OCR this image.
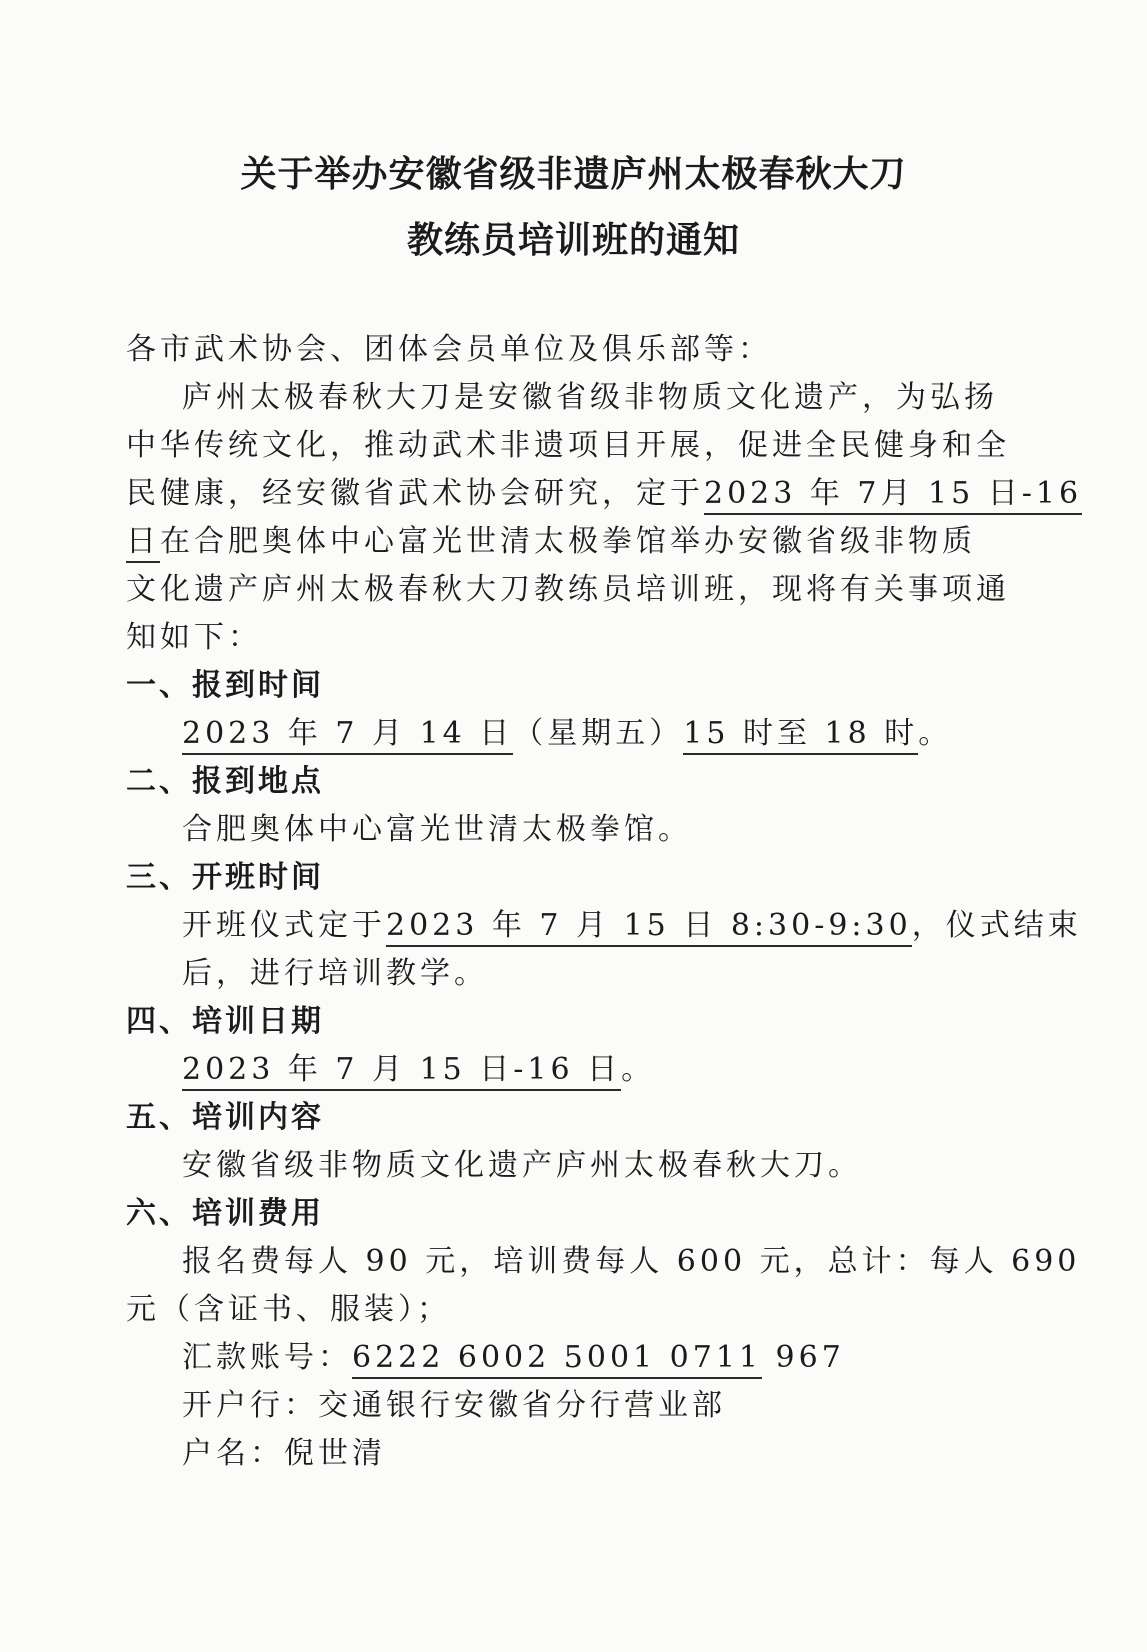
关于举办安徽省级非遗庐州太极春秋大刀
教练员培训班的通知
各市武术协会、团体会员单位及俱乐部等：
庐州太极春秋大刀是安徽省级非物质文化遗产，为弘扬
中华传统文化，推动武术非遗项目开展，促进全民健身和全
民健康，经安徽省武术协会研究，定于2023 年 7月 15 日-16
日在合肥奥体中心富光世清太极拳馆举办安徽省级非物质
文化遗产庐州太极春秋大刀教练员培训班，现将有关事项通
知如下：
一、报到时间
2023 年 7 月 14 日（星期五）15 时至 18 时。
二、报到地点
合肥奥体中心富光世清太极拳馆。
三、开班时间
开班仪式定于2023 年 7 月 15 日 8:30-9:30，仪式结束
后，进行培训教学。
四、培训日期
2023 年 7 月 15 日-16 日。
五、培训内容
安徽省级非物质文化遗产庐州太极春秋大刀。
六、培训费用
报名费每人 90 元，培训费每人 600 元，总计：每人 690
元（含证书、服装）；
汇款账号：6222 6002 5001 0711 967
开户行：交通银行安徽省分行营业部
户名：倪世清
